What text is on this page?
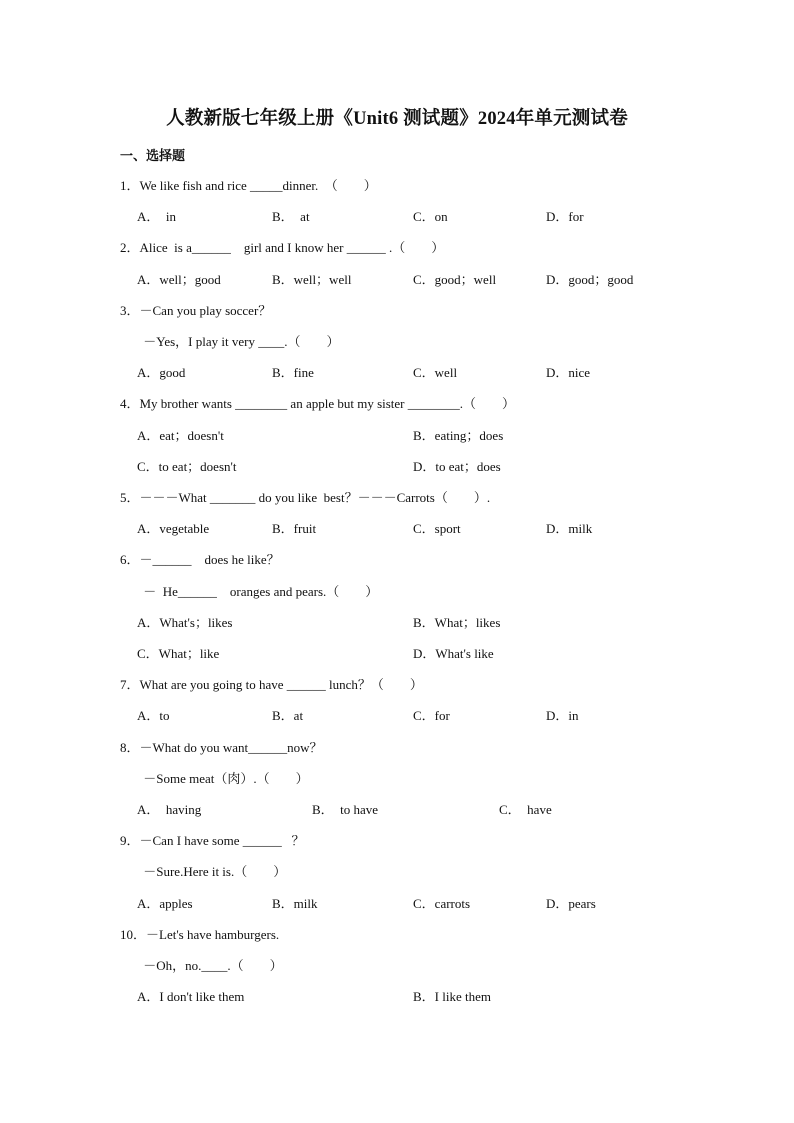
人教新版七年级上册《Unit6 测试题》2024年单元测试卷
一、选择题
1．We like fish and rice _____dinner.  （　　）
A．  in	B．  at	C．on	D．for
2．Alice  is a______    girl and I know her ______ .（　　）
A．well；good	B．well；well	C．good；well	D．good；good
3．－Can you play soccer？
－Yes，I play it very ____.（　　）
A．good	B．fine	C．well	D．nice
4．My brother wants ________ an apple but my sister ________.（　　）
A．eat；doesn't	B．eating；does
C．to eat；doesn't	D．to eat；does
5．－－－What _______ do you like  best？－－－Carrots（　　）.
A．vegetable	B．fruit	C．sport	D．milk
6．－______    does he like？
－  He______    oranges and pears.（　　）
A．What's；likes	B．What；likes
C．What；like	D．What's like
7．What are you going to have ______ lunch？（　　）
A．to	B．at	C．for	D．in
8．－What do you want______now？
－Some meat（肉）.（　　）
A．  having	B．  to have	C．  have
9．－Can I have some ______   ？
－Sure.Here it is.（　　）
A．apples	B．milk	C．carrots	D．pears
10．－Let's have hamburgers.
－Oh，no.____.（　　）
A．I don't like them	B．I like them
